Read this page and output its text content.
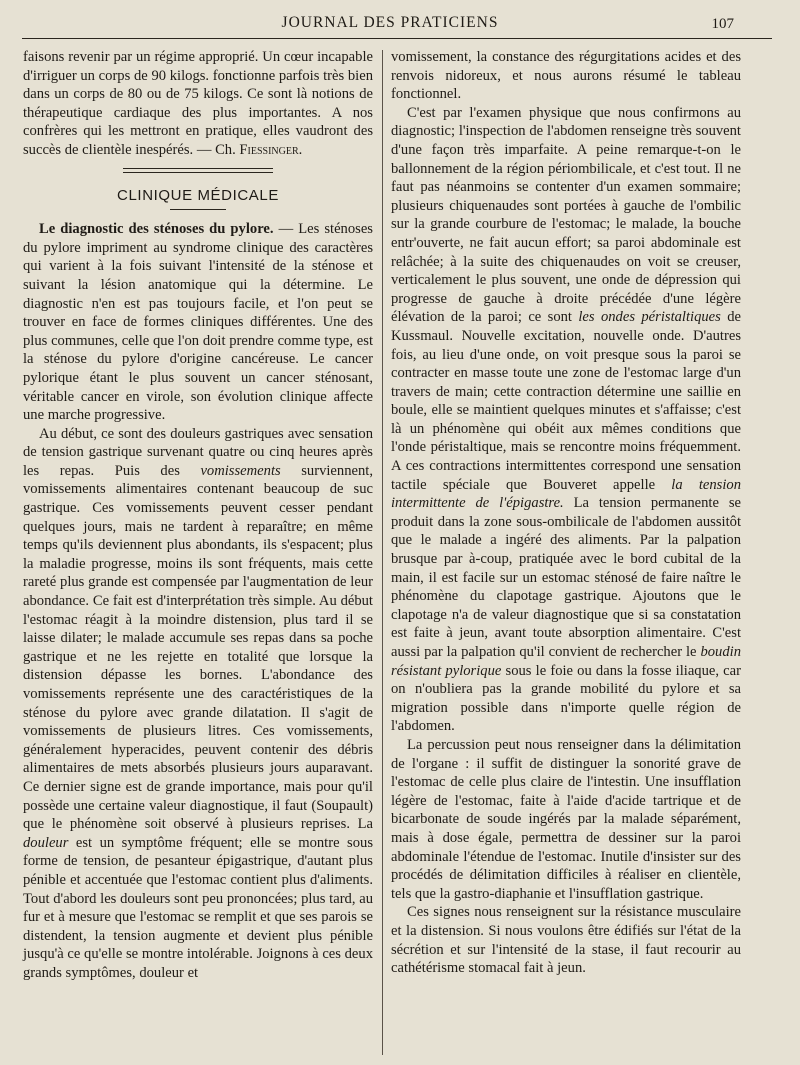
JOURNAL DES PRATICIENS	107

faisons revenir par un régime approprié. Un cœur incapable d'irriguer un corps de 90 kilogs. fonctionne parfois très bien dans un corps de 80 ou de 75 kilogs. Ce sont là notions de thérapeutique cardiaque des plus importantes. A nos confrères qui les mettront en pratique, elles vaudront des succès de clientèle inespérés. — Ch. Fiessinger.

CLINIQUE MÉDICALE

Le diagnostic des sténoses du pylore. — Les sténoses du pylore impriment au syndrome clinique des caractères qui varient à la fois suivant l'intensité de la sténose et suivant la lésion anatomique qui la détermine. Le diagnostic n'en est pas toujours facile, et l'on peut se trouver en face de formes cliniques différentes. Une des plus communes, celle que l'on doit prendre comme type, est la sténose du pylore d'origine cancéreuse. Le cancer pylorique étant le plus souvent un cancer sténosant, véritable cancer en virole, son évolution clinique affecte une marche progressive.

Au début, ce sont des douleurs gastriques avec sensation de tension gastrique survenant quatre ou cinq heures après les repas. Puis des vomissements surviennent, vomissements alimentaires contenant beaucoup de suc gastrique. Ces vomissements peuvent cesser pendant quelques jours, mais ne tardent à reparaître; en même temps qu'ils deviennent plus abondants, ils s'espacent; plus la maladie progresse, moins ils sont fréquents, mais cette rareté plus grande est compensée par l'augmentation de leur abondance. Ce fait est d'interprétation très simple. Au début l'estomac réagit à la moindre distension, plus tard il se laisse dilater; le malade accumule ses repas dans sa poche gastrique et ne les rejette en totalité que lorsque la distension dépasse les bornes. L'abondance des vomissements représente une des caractéristiques de la sténose du pylore avec grande dilatation. Il s'agit de vomissements de plusieurs litres. Ces vomissements, généralement hyperacides, peuvent contenir des débris alimentaires de mets absorbés plusieurs jours auparavant. Ce dernier signe est de grande importance, mais pour qu'il possède une certaine valeur diagnostique, il faut (Soupault) que le phénomène soit observé à plusieurs reprises. La douleur est un symptôme fréquent; elle se montre sous forme de tension, de pesanteur épigastrique, d'autant plus pénible et accentuée que l'estomac contient plus d'aliments. Tout d'abord les douleurs sont peu prononcées; plus tard, au fur et à mesure que l'estomac se remplit et que ses parois se distendent, la tension augmente et devient plus pénible jusqu'à ce qu'elle se montre intolérable. Joignons à ces deux grands symptômes, douleur et

vomissement, la constance des régurgitations acides et des renvois nidoreux, et nous aurons résumé le tableau fonctionnel.

C'est par l'examen physique que nous confirmons au diagnostic; l'inspection de l'abdomen renseigne très souvent d'une façon très imparfaite. A peine remarque-t-on le ballonnement de la région périombilicale, et c'est tout. Il ne faut pas néanmoins se contenter d'un examen sommaire; plusieurs chiquenaudes sont portées à gauche de l'ombilic sur la grande courbure de l'estomac; le malade, la bouche entr'ouverte, ne fait aucun effort; sa paroi abdominale est relâchée; à la suite des chiquenaudes on voit se creuser, verticalement le plus souvent, une onde de dépression qui progresse de gauche à droite précédée d'une légère élévation de la paroi; ce sont les ondes péristaltiques de Kussmaul. Nouvelle excitation, nouvelle onde. D'autres fois, au lieu d'une onde, on voit presque sous la paroi se contracter en masse toute une zone de l'estomac large d'un travers de main; cette contraction détermine une saillie en boule, elle se maintient quelques minutes et s'affaisse; c'est là un phénomène qui obéit aux mêmes conditions que l'onde péristaltique, mais se rencontre moins fréquemment. A ces contractions intermittentes correspond une sensation tactile spéciale que Bouveret appelle la tension intermittente de l'épigastre. La tension permanente se produit dans la zone sous-ombilicale de l'abdomen aussitôt que le malade a ingéré des aliments. Par la palpation brusque par à-coup, pratiquée avec le bord cubital de la main, il est facile sur un estomac sténosé de faire naître le phénomène du clapotage gastrique. Ajoutons que le clapotage n'a de valeur diagnostique que si sa constatation est faite à jeun, avant toute absorption alimentaire. C'est aussi par la palpation qu'il convient de rechercher le boudin résistant pylorique sous le foie ou dans la fosse iliaque, car on n'oubliera pas la grande mobilité du pylore et sa migration possible dans n'importe quelle région de l'abdomen.

La percussion peut nous renseigner dans la délimitation de l'organe : il suffit de distinguer la sonorité grave de l'estomac de celle plus claire de l'intestin. Une insufflation légère de l'estomac, faite à l'aide d'acide tartrique et de bicarbonate de soude ingérés par la malade séparément, mais à dose égale, permettra de dessiner sur la paroi abdominale l'étendue de l'estomac. Inutile d'insister sur des procédés de délimitation difficiles à réaliser en clientèle, tels que la gastro-diaphanie et l'insufflation gastrique.

Ces signes nous renseignent sur la résistance musculaire et la distension. Si nous voulons être édifiés sur l'état de la sécrétion et sur l'intensité de la stase, il faut recourir au cathétérisme stomacal fait à jeun.
